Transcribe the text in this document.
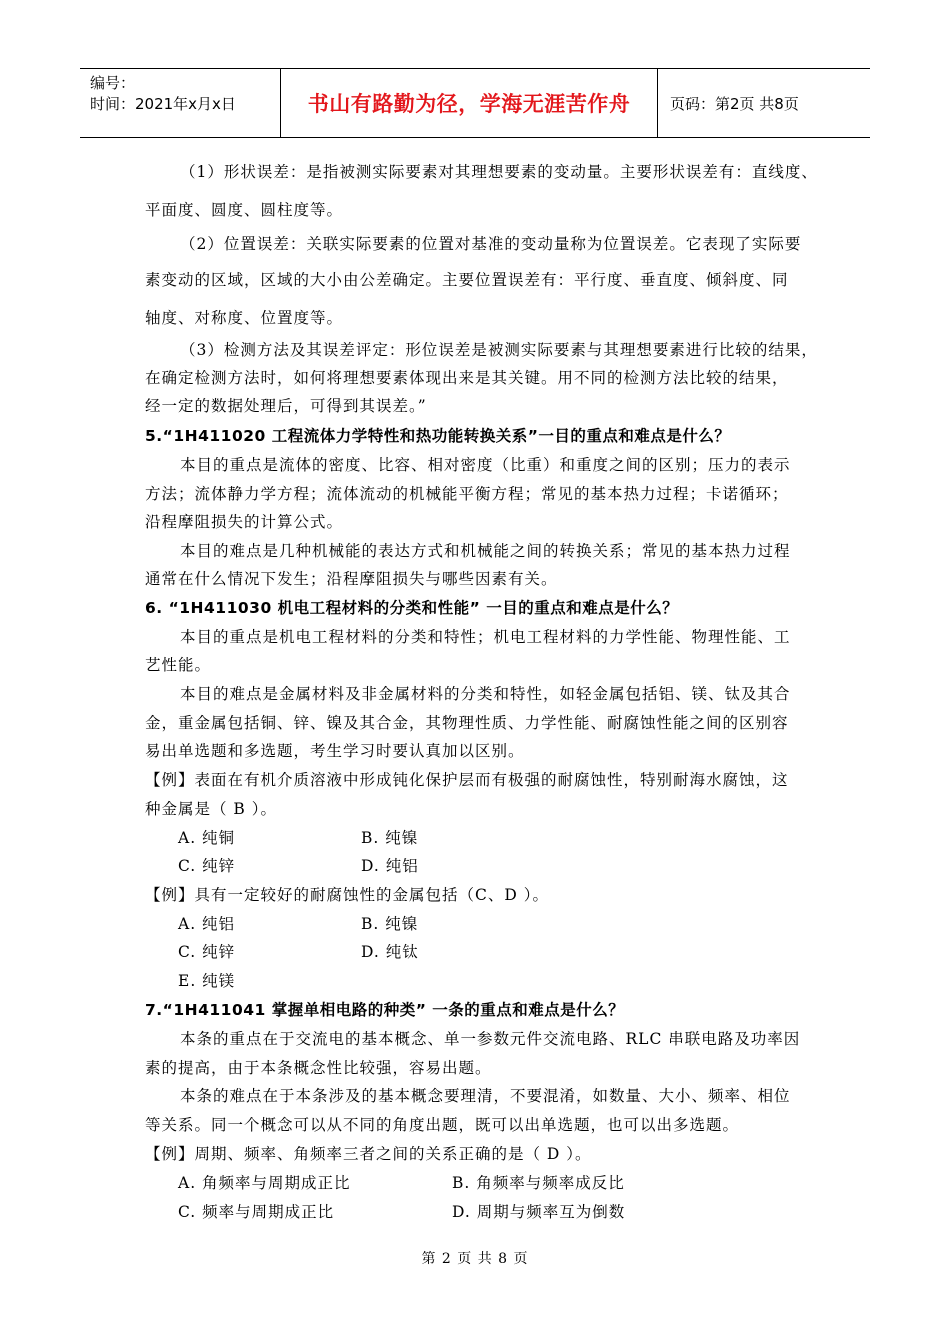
编号：
时间：2021年x月x日	书山有路勤为径，学海无涯苦作舟	页码：第2页 共8页
（1）形状误差：是指被测实际要素对其理想要素的变动量。主要形状误差有：直线度、
平面度、圆度、圆柱度等。
（2）位置误差：关联实际要素的位置对基准的变动量称为位置误差。它表现了实际要
素变动的区域，区域的大小由公差确定。主要位置误差有：平行度、垂直度、倾斜度、同
轴度、对称度、位置度等。
（3）检测方法及其误差评定：形位误差是被测实际要素与其理想要素进行比较的结果，
在确定检测方法时，如何将理想要素体现出来是其关键。用不同的检测方法比较的结果，
经一定的数据处理后，可得到其误差。”
5.“1H411020 工程流体力学特性和热功能转换关系”一目的重点和难点是什么？
本目的重点是流体的密度、比容、相对密度（比重）和重度之间的区别；压力的表示
方法；流体静力学方程；流体流动的机械能平衡方程；常见的基本热力过程；卡诺循环；
沿程摩阻损失的计算公式。
本目的难点是几种机械能的表达方式和机械能之间的转换关系；常见的基本热力过程
通常在什么情况下发生；沿程摩阻损失与哪些因素有关。
6. “1H411030 机电工程材料的分类和性能” 一目的重点和难点是什么？
本目的重点是机电工程材料的分类和特性；机电工程材料的力学性能、物理性能、工
艺性能。
本目的难点是金属材料及非金属材料的分类和特性，如轻金属包括铝、镁、钛及其合
金，重金属包括铜、锌、镍及其合金，其物理性质、力学性能、耐腐蚀性能之间的区别容
易出单选题和多选题，考生学习时要认真加以区别。
【例】表面在有机介质溶液中形成钝化保护层而有极强的耐腐蚀性，特别耐海水腐蚀，这
种金属是（ B ）。
A. 纯铜	B. 纯镍
C. 纯锌	D. 纯铝
【例】具有一定较好的耐腐蚀性的金属包括（C、D ）。
A. 纯铝	B. 纯镍
C. 纯锌	D. 纯钛
E. 纯镁
7.“1H411041 掌握单相电路的种类” 一条的重点和难点是什么？
本条的重点在于交流电的基本概念、单一参数元件交流电路、RLC 串联电路及功率因
素的提高，由于本条概念性比较强，容易出题。
本条的难点在于本条涉及的基本概念要理清，不要混淆，如数量、大小、频率、相位
等关系。同一个概念可以从不同的角度出题，既可以出单选题，也可以出多选题。
【例】周期、频率、角频率三者之间的关系正确的是（ D ）。
A. 角频率与周期成正比	B. 角频率与频率成反比
C. 频率与周期成正比	D. 周期与频率互为倒数
第 2 页 共 8 页
